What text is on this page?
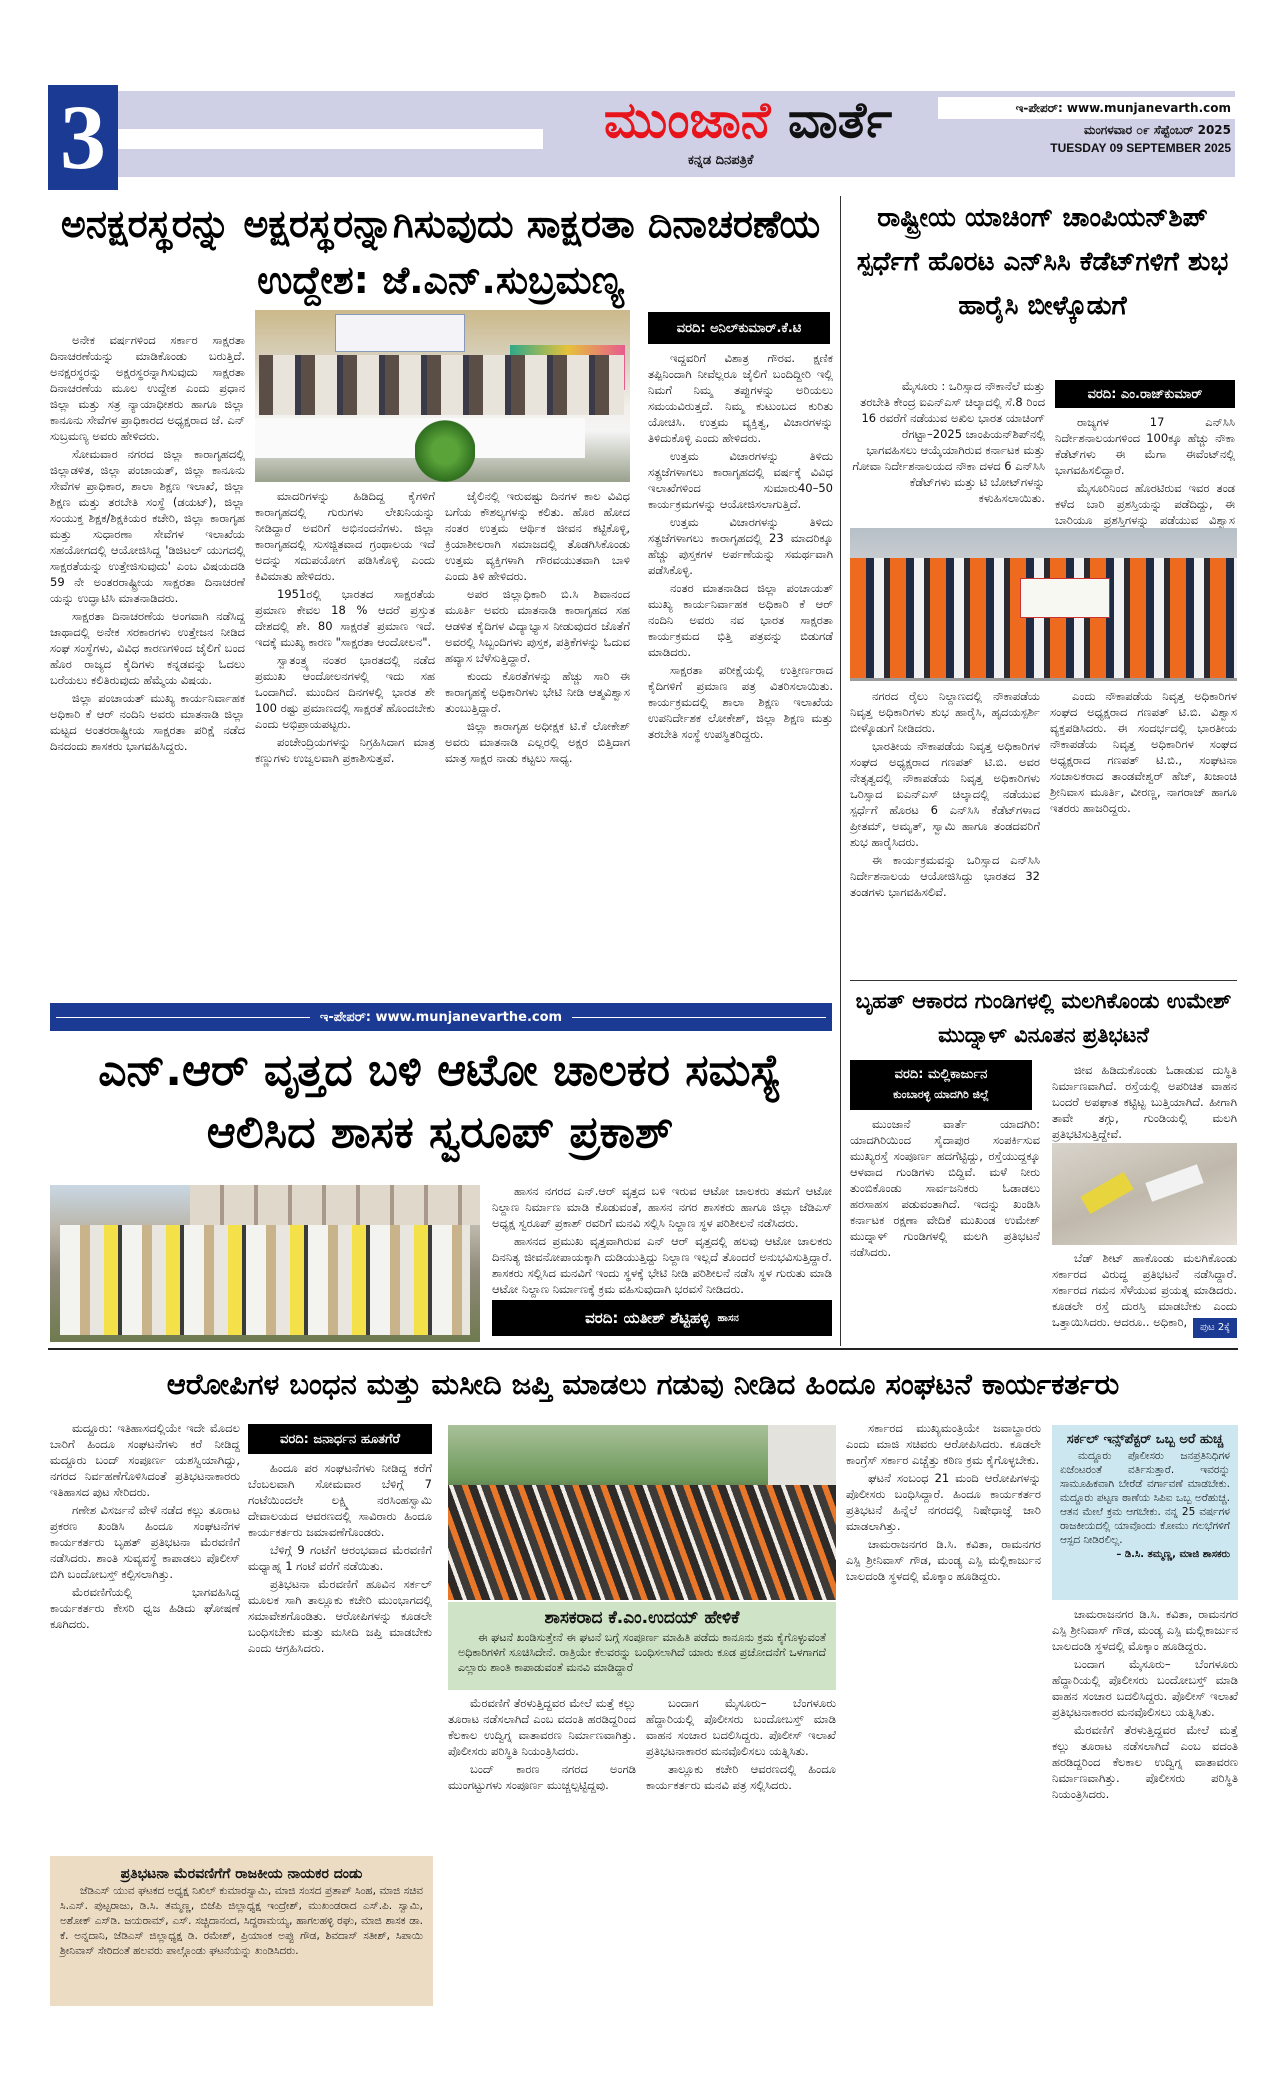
3	ಮುಂಜಾನೆ ವಾರ್ತೆ
ಕನ್ನಡ ದಿನಪತ್ರಿಕೆ
ಇ-ಪೇಪರ್: www.munjanevarth.com
ಮಂಗಳವಾರ ೦೯ ಸೆಪ್ಟೆಂಬರ್ 2025
TUESDAY 09 SEPTEMBER 2025
ಅನಕ್ಷರಸ್ಥರನ್ನು ಅಕ್ಷರಸ್ಥರನ್ನಾಗಿಸುವುದು ಸಾಕ್ಷರತಾ ದಿನಾಚರಣೆಯ ಉದ್ದೇಶ: ಜೆ.ಎನ್.ಸುಬ್ರಮಣ್ಯ

ಅನೇಕ ವರ್ಷಗಳಿಂದ ಸರ್ಕಾರ ಸಾಕ್ಷರತಾ ದಿನಾಚರಣೆಯನ್ನು ಮಾಡಿಕೊಂಡು ಬರುತ್ತಿದೆ. ಅನಕ್ಷರಸ್ಥರನ್ನು ಅಕ್ಷರಸ್ಥರನ್ನಾಗಿಸುವುದು ಸಾಕ್ಷರತಾ ದಿನಾಚರಣೆಯ ಮೂಲ ಉದ್ದೇಶ ಎಂದು ಪ್ರಧಾನ ಜಿಲ್ಲಾ ಮತ್ತು ಸತ್ರ ನ್ಯಾಯಾಧೀಶರು ಹಾಗೂ ಜಿಲ್ಲಾ ಕಾನೂನು ಸೇವೆಗಳ ಪ್ರಾಧಿಕಾರದ ಅಧ್ಯಕ್ಷರಾದ ಜೆ. ಎನ್ ಸುಬ್ರಮಣ್ಯ ಅವರು ಹೇಳಿದರು.

ಸೋಮವಾರ ನಗರದ ಜಿಲ್ಲಾ ಕಾರಾಗೃಹದಲ್ಲಿ ಜಿಲ್ಲಾಡಳಿತ, ಜಿಲ್ಲಾ ಪಂಚಾಯತ್, ಜಿಲ್ಲಾ ಕಾನೂನು ಸೇವೆಗಳ ಪ್ರಾಧಿಕಾರ, ಶಾಲಾ ಶಿಕ್ಷಣ ಇಲಾಖೆ, ಜಿಲ್ಲಾ ಶಿಕ್ಷಣ ಮತ್ತು ತರಬೇತಿ ಸಂಸ್ಥೆ (ಡಯಟ್), ಜಿಲ್ಲಾ ಸಂಯುಕ್ತ ಶಿಕ್ಷಕ/ಶಿಕ್ಷಕಿಯರ ಕಚೇರಿ, ಜಿಲ್ಲಾ ಕಾರಾಗೃಹ ಮತ್ತು ಸುಧಾರಣಾ ಸೇವೆಗಳ ಇಲಾಖೆಯ ಸಹಯೋಗದಲ್ಲಿ ಆಯೋಜಿಸಿದ್ದ 'ಡಿಜಿಟಲ್ ಯುಗದಲ್ಲಿ ಸಾಕ್ಷರತೆಯನ್ನು ಉತ್ತೇಜಿಸುವುದು' ಎಂಬ ವಿಷಯದಡಿ 59 ನೇ ಅಂತರರಾಷ್ಟ್ರೀಯ ಸಾಕ್ಷರತಾ ದಿನಾಚರಣೆ ಯನ್ನು ಉದ್ಘಾಟಿಸಿ ಮಾತನಾಡಿದರು.

ಸಾಕ್ಷರತಾ ದಿನಾಚರಣೆಯ ಅಂಗವಾಗಿ ನಡೆಸಿದ್ದ ಜಾಥಾದಲ್ಲಿ ಅನೇಕ ಸರಕಾರಗಳು ಉತ್ತೇಜನ ನೀಡಿದ ಸಂಘ ಸಂಸ್ಥೆಗಳು, ವಿವಿಧ ಕಾರಣಗಳಿಂದ ಜೈಲಿಗೆ ಬಂದ ಹೊರ ರಾಜ್ಯದ ಕೈದಿಗಳು ಕನ್ನಡವನ್ನು ಓದಲು ಬರೆಯಲು ಕಲಿತಿರುವುದು ಹೆಮ್ಮೆಯ ವಿಷಯ.

ಜಿಲ್ಲಾ ಪಂಚಾಯತ್ ಮುಖ್ಯ ಕಾರ್ಯನಿರ್ವಾಹಕ ಅಧಿಕಾರಿ ಕೆ ಆರ್ ನಂದಿನಿ ಅವರು ಮಾತನಾಡಿ ಜಿಲ್ಲಾ ಮಟ್ಟದ ಅಂತರರಾಷ್ಟ್ರೀಯ ಸಾಕ್ಷರತಾ ಪರಿಕ್ಷೆ ನಡೆದ ದಿನದಂದು ಶಾಸಕರು ಭಾಗವಹಿಸಿದ್ದರು.

ವರದಿ: ಅನಿಲ್‌ಕುಮಾರ್.ಕೆ.ಟಿ

ಮಾದರಿಗಳನ್ನು ಹಿಡಿದಿದ್ದ ಕೈಗಳಿಗೆ ಕಾರಾಗೃಹದಲ್ಲಿ ಗುರುಗಳು ಲೇಖನಿಯನ್ನು ನೀಡಿದ್ದಾರೆ ಅವರಿಗೆ ಅಭಿನಂದನೆಗಳು. ಜಿಲ್ಲಾ ಕಾರಾಗೃಹದಲ್ಲಿ ಸುಸಜ್ಜಿತವಾದ ಗ್ರಂಥಾಲಯ ಇದೆ ಅದನ್ನು ಸದುಪಯೋಗ ಪಡಿಸಿಕೊಳ್ಳಿ ಎಂದು ಕಿವಿಮಾತು ಹೇಳಿದರು.

1951ರಲ್ಲಿ ಭಾರತದ ಸಾಕ್ಷರತೆಯ ಪ್ರಮಾಣ ಕೇವಲ 18 % ಆದರೆ ಪ್ರಸ್ತುತ ದೇಶದಲ್ಲಿ ಶೇ. 80 ಸಾಕ್ಷರತೆ ಪ್ರಮಾಣ ಇದೆ. ಇದಕ್ಕೆ ಮುಖ್ಯ ಕಾರಣ "ಸಾಕ್ಷರತಾ ಆಂದೋಲನ".

ಸ್ವಾತಂತ್ರ್ಯ ನಂತರ ಭಾರತದಲ್ಲಿ ನಡೆದ ಪ್ರಮುಖ ಆಂದೋಲನಗಳಲ್ಲಿ ಇದು ಸಹ ಒಂದಾಗಿದೆ. ಮುಂದಿನ ದಿನಗಳಲ್ಲಿ ಭಾರತ ಶೇ 100 ರಷ್ಟು ಪ್ರಮಾಣದಲ್ಲಿ ಸಾಕ್ಷರತೆ ಹೊಂದಬೇಕು ಎಂದು ಅಭಿಪ್ರಾಯಪಟ್ಟರು.

ಪಂಚೇಂದ್ರಿಯಗಳನ್ನು ನಿಗ್ರಹಿಸಿದಾಗ ಮಾತ್ರ ಕಣ್ಣುಗಳು ಉಜ್ವಲವಾಗಿ ಪ್ರಕಾಶಿಸುತ್ತವೆ.

ಜೈಲಿನಲ್ಲಿ ಇರುವಷ್ಟು ದಿನಗಳ ಕಾಲ ವಿವಿಧ ಬಗೆಯ ಕೌಶಲ್ಯಗಳನ್ನು ಕಲಿತು. ಹೊರ ಹೋದ ನಂತರ ಉತ್ತಮ ಆರ್ಥಿಕ ಜೀವನ ಕಟ್ಟಿಕೊಳ್ಳಿ, ಕ್ರಿಯಾಶೀಲರಾಗಿ ಸಮಾಜದಲ್ಲಿ ತೊಡಗಿಸಿಕೊಂಡು ಉತ್ತಮ ವ್ಯಕ್ತಿಗಳಾಗಿ ಗೌರವಯುತವಾಗಿ ಬಾಳಿ ಎಂದು ತಿಳಿ ಹೇಳಿದರು.

ಅಪರ ಜಿಲ್ಲಾಧಿಕಾರಿ ಬಿ.ಸಿ ಶಿವಾನಂದ ಮೂರ್ತಿ ಅವರು ಮಾತನಾಡಿ ಕಾರಾಗೃಹದ ಸಹ ಆಡಳಿತ ಕೈದಿಗಳ ವಿದ್ಯಾಭ್ಯಾಸ ನೀಡುವುದರ ಜೊತೆಗೆ ಅವರಲ್ಲಿ ಸಿಬ್ಬಂದಿಗಳು ಪುಸ್ತಕ, ಪತ್ರಿಕೆಗಳನ್ನು ಓದುವ ಹವ್ಯಾಸ ಬೆಳೆಸುತ್ತಿದ್ದಾರೆ.

ಕುಂದು ಕೊರತೆಗಳನ್ನು ಹೆಚ್ಚು ಸಾರಿ ಈ ಕಾರಾಗೃಹಕ್ಕೆ ಅಧಿಕಾರಿಗಳು ಭೇಟಿ ನೀಡಿ ಆತ್ಮವಿಶ್ವಾಸ ತುಂಬುತ್ತಿದ್ದಾರೆ.

ಜಿಲ್ಲಾ ಕಾರಾಗೃಹ ಅಧೀಕ್ಷಕ ಟಿ.ಕೆ ಲೋಕೇಶ್ ಅವರು ಮಾತನಾಡಿ ಎಲ್ಲರಲ್ಲಿ ಅಕ್ಷರ ಬಿತ್ತಿದಾಗ ಮಾತ್ರ ಸಾಕ್ಷರ ನಾಡು ಕಟ್ಟಲು ಸಾಧ್ಯ.

ಇದ್ದವರಿಗೆ ವಿಶಾತ್ರ ಗೌರವ. ಕ್ಷಣಿಕ ತಪ್ಪಿನಿಂದಾಗಿ ನೀವೆಲ್ಲರೂ ಜೈಲಿಗೆ ಬಂದಿದ್ದೀರಿ ಇಲ್ಲಿ ನಿಮಗೆ ನಿಮ್ಮ ತಪ್ಪುಗಳನ್ನು ಅರಿಯಲು ಸಮಯವಿರುತ್ತದೆ. ನಿಮ್ಮ ಕುಟುಂಬದ ಕುರಿತು ಯೋಚಿಸಿ. ಉತ್ತಮ ವ್ಯಕ್ತಿತ್ವ, ವಿಚಾರಗಳನ್ನು ತಿಳಿದುಕೊಳ್ಳಿ ಎಂದು ಹೇಳಿದರು.

ಉತ್ತಮ ವಿಚಾರಗಳನ್ನು ತಿಳಿದು ಸತ್ಪ್ರಜೆಗಳಾಗಲು ಕಾರಾಗೃಹದಲ್ಲಿ ವರ್ಷಕ್ಕೆ ವಿವಿಧ ಇಲಾಖೆಗಳಿಂದ ಸುಮಾರು40–50 ಕಾರ್ಯಕ್ರಮಗಳನ್ನು ಆಯೋಜಿಸಲಾಗುತ್ತಿದೆ.

ಉತ್ತಮ ವಿಚಾರಗಳನ್ನು ತಿಳಿದು ಸತ್ಪ್ರಜೆಗಳಾಗಲು ಕಾರಾಗೃಹದಲ್ಲಿ 23 ಮಾದರಿಕ್ಕೂ ಹೆಚ್ಚು ಪುಸ್ತಕಗಳ ಅರ್ಪಣೆಯನ್ನು ಸಮರ್ಥವಾಗಿ ಪಡೆಸಿಕೊಳ್ಳಿ.

ನಂತರ ಮಾತನಾಡಿದ ಜಿಲ್ಲಾ ಪಂಚಾಯತ್ ಮುಖ್ಯ ಕಾರ್ಯನಿರ್ವಾಹಕ ಅಧಿಕಾರಿ ಕೆ ಆರ್ ನಂದಿನಿ ಅವರು ನವ ಭಾರತ ಸಾಕ್ಷರತಾ ಕಾರ್ಯಕ್ರಮದ ಭಿತ್ತಿ ಪತ್ರವನ್ನು ಬಿಡುಗಡೆ ಮಾಡಿದರು.

ಸಾಕ್ಷರತಾ ಪರೀಕ್ಷೆಯಲ್ಲಿ ಉತ್ತೀರ್ಣರಾದ ಕೈದಿಗಳಿಗೆ ಪ್ರಮಾಣ ಪತ್ರ ವಿತರಿಸಲಾಯಿತು. ಕಾರ್ಯಕ್ರಮದಲ್ಲಿ ಶಾಲಾ ಶಿಕ್ಷಣ ಇಲಾಖೆಯ ಉಪನಿರ್ದೇಶಕ ಲೋಕೇಶ್, ಜಿಲ್ಲಾ ಶಿಕ್ಷಣ ಮತ್ತು ತರಬೇತಿ ಸಂಸ್ಥೆ ಉಪಸ್ಥಿತರಿದ್ದರು.

ಇ-ಪೇಪರ್: www.munjanevarthe.com
ಎನ್.ಆರ್ ವೃತ್ತದ ಬಳಿ ಆಟೋ ಚಾಲಕರ ಸಮಸ್ಯೆ ಆಲಿಸಿದ ಶಾಸಕ ಸ್ವರೂಪ್ ಪ್ರಕಾಶ್

ಹಾಸನ ನಗರದ ಎನ್.ಆರ್ ವೃತ್ತದ ಬಳಿ ಇರುವ ಆಟೋ ಚಾಲಕರು ತಮಗೆ ಆಟೋ ನಿಲ್ದಾಣ ನಿರ್ಮಾಣ ಮಾಡಿ ಕೊಡುವಂತೆ, ಹಾಸನ ನಗರ ಶಾಸಕರು ಹಾಗೂ ಜಿಲ್ಲಾ ಜೆಡಿಎಸ್ ಅಧ್ಯಕ್ಷ ಸ್ವರೂಪ್ ಪ್ರಕಾಶ್ ರವರಿಗೆ ಮನವಿ ಸಲ್ಲಿಸಿ ನಿಲ್ದಾಣ ಸ್ಥಳ ಪರಿಶೀಲನೆ ನಡೆಸಿದರು.

ಹಾಸನದ ಪ್ರಮುಖ ವೃತ್ತವಾಗಿರುವ ಎನ್ ಆರ್ ವೃತ್ತದಲ್ಲಿ ಹಲವು ಆಟೋ ಚಾಲಕರು ದಿನನಿತ್ಯ ಜೀವನೋಪಾಯಕ್ಕಾಗಿ ದುಡಿಯುತ್ತಿದ್ದು ನಿಲ್ದಾಣ ಇಲ್ಲದೆ ತೊಂದರೆ ಅನುಭವಿಸುತ್ತಿದ್ದಾರೆ. ಶಾಸಕರು ಸಲ್ಲಿಸಿದ ಮನವಿಗೆ ಇಂದು ಸ್ಥಳಕ್ಕೆ ಭೇಟಿ ನೀಡಿ ಪರಿಶೀಲನೆ ನಡೆಸಿ ಸ್ಥಳ ಗುರುತು ಮಾಡಿ ಆಟೋ ನಿಲ್ದಾಣ ನಿರ್ಮಾಣಕ್ಕೆ ಕ್ರಮ ವಹಿಸುವುದಾಗಿ ಭರವಸೆ ನೀಡಿದರು.

ವರದಿ: ಯತೀಶ್ ಶೆಟ್ಟಿಹಳ್ಳಿ ಹಾಸನ
ರಾಷ್ಟ್ರೀಯ ಯಾಚಿಂಗ್ ಚಾಂಪಿಯನ್‌ಶಿಪ್ ಸ್ಪರ್ಧೆಗೆ ಹೊರಟ ಎನ್‌ಸಿಸಿ ಕೆಡೆಟ್‌ಗಳಿಗೆ ಶುಭ ಹಾರೈಸಿ ಬೀಳ್ಕೊಡುಗೆ

ಮೈಸೂರು : ಒರಿಸ್ಸಾದ ನೌಕಾನೆಲೆ ಮತ್ತು ತರಬೇತಿ ಕೇಂದ್ರ ಐಎನ್‌ಎಸ್ ಚಿಲ್ಕಾದಲ್ಲಿ ಸೆ.8 ರಿಂದ 16 ರವರೆಗೆ ನಡೆಯುವ ಅಖಿಲ ಭಾರತ ಯಾಚಿಂಗ್ ರೆಗಟ್ಟಾ–2025 ಚಾಂಪಿಯನ್‌ಶಿಪ್‌ನಲ್ಲಿ ಭಾಗವಹಿಸಲು ಆಯ್ಕೆಯಾಗಿರುವ ಕರ್ನಾಟಕ ಮತ್ತು ಗೋವಾ ನಿರ್ದೇಶನಾಲಯದ ನೌಕಾ ದಳದ 6 ಎನ್‌ಸಿಸಿ ಕೆಡೆಟ್‌ಗಳು ಮತ್ತು ಟಿ ಬೋಟ್‌ಗಳನ್ನು ಕಳುಹಿಸಲಾಯಿತು.

ವರದಿ: ಎಂ.ರಾಜ್‌ಕುಮಾರ್

ರಾಜ್ಯಗಳ 17 ಎನ್‌ಸಿಸಿ ನಿರ್ದೇಶನಾಲಯಗಳಿಂದ 100ಕ್ಕೂ ಹೆಚ್ಚು ನೌಕಾ ಕೆಡೆಟ್‌ಗಳು ಈ ಮೆಗಾ ಈವೆಂಟ್‌ನಲ್ಲಿ ಭಾಗವಹಿಸಲಿದ್ದಾರೆ.

ಮೈಸೂರಿನಿಂದ ಹೊರಟಿರುವ ಇವರ ತಂಡ ಕಳೆದ ಬಾರಿ ಪ್ರಶಸ್ತಿಯನ್ನು ಪಡೆದಿದ್ದು, ಈ ಬಾರಿಯೂ ಪ್ರಶಸ್ತಿಗಳನ್ನು ಪಡೆಯುವ ವಿಶ್ವಾಸ

ನಗರದ ರೈಲು ನಿಲ್ದಾಣದಲ್ಲಿ ನೌಕಾಪಡೆಯ ನಿವೃತ್ತ ಅಧಿಕಾರಿಗಳು ಶುಭ ಹಾರೈಸಿ, ಹೃದಯಸ್ಪರ್ಶಿ ಬೀಳ್ಕೊಡುಗೆ ನೀಡಿದರು.

ಭಾರತೀಯ ನೌಕಾಪಡೆಯ ನಿವೃತ್ತ ಅಧಿಕಾರಿಗಳ ಸಂಘದ ಅಧ್ಯಕ್ಷರಾದ ಗಣಪತ್ ಟಿ.ಬಿ. ಅವರ ನೇತೃತ್ವದಲ್ಲಿ ನೌಕಾಪಡೆಯ ನಿವೃತ್ತ ಅಧಿಕಾರಿಗಳು ಒರಿಸ್ಸಾದ ಐಎನ್‌ಎಸ್ ಚಿಲ್ಕಾದಲ್ಲಿ ನಡೆಯುವ ಸ್ಪರ್ಧೆಗೆ ಹೊರಟ 6 ಎನ್‌ಸಿಸಿ ಕೆಡೆಟ್‌ಗಳಾದ ಪ್ರೀತಮ್, ಅಮೃತ್, ಸ್ವಾಮಿ ಹಾಗೂ ತಂಡದವರಿಗೆ ಶುಭ ಹಾರೈಸಿದರು.

ಈ ಕಾರ್ಯಕ್ರಮವನ್ನು ಒರಿಸ್ಸಾದ ಎನ್‌ಸಿಸಿ ನಿರ್ದೇಶನಾಲಯ ಆಯೋಜಿಸಿದ್ದು ಭಾರತದ 32 ತಂಡಗಳು ಭಾಗವಹಿಸಲಿವೆ.

ಎಂದು ನೌಕಾಪಡೆಯ ನಿವೃತ್ತ ಅಧಿಕಾರಿಗಳ ಸಂಘದ ಅಧ್ಯಕ್ಷರಾದ ಗಣಪತ್ ಟಿ.ಬಿ. ವಿಶ್ವಾಸ ವ್ಯಕ್ತಪಡಿಸಿದರು. ಈ ಸಂದರ್ಭದಲ್ಲಿ ಭಾರತೀಯ ನೌಕಾಪಡೆಯ ನಿವೃತ್ತ ಅಧಿಕಾರಿಗಳ ಸಂಘದ ಅಧ್ಯಕ್ಷರಾದ ಗಣಪತ್ ಟಿ.ಬಿ., ಸಂಘಟನಾ ಸಂಚಾಲಕರಾದ ತಾಂಡವೇಶ್ವರ್ ಹೆಚ್, ಖಜಾಂಚಿ ಶ್ರೀನಿವಾಸ ಮೂರ್ತಿ, ವೀರಣ್ಣ, ನಾಗರಾಜ್ ಹಾಗೂ ಇತರರು ಹಾಜರಿದ್ದರು.

ಬೃಹತ್ ಆಕಾರದ ಗುಂಡಿಗಳಲ್ಲಿ ಮಲಗಿಕೊಂಡು ಉಮೇಶ್ ಮುದ್ನಾಳ್ ವಿನೂತನ ಪ್ರತಿಭಟನೆ
ವರದಿ: ಮಲ್ಲಿಕಾರ್ಜುನ
ಕುಂಬಾರಳ್ಳಿ ಯಾದಗಿರಿ ಜಿಲ್ಲೆ

ಮುಂಜಾನೆ ವಾರ್ತೆ ಯಾದಗಿರಿ: ಯಾದಗಿರಿಯಿಂದ ಸೈದಾಪುರ ಸಂಪರ್ಕಿಸುವ ಮುಖ್ಯರಸ್ತೆ ಸಂಪೂರ್ಣ ಹದಗೆಟ್ಟಿದ್ದು, ರಸ್ತೆಯುದ್ದಕ್ಕೂ ಆಳವಾದ ಗುಂಡಿಗಳು ಬಿದ್ದಿವೆ. ಮಳೆ ನೀರು ತುಂಬಿಕೊಂಡು ಸಾರ್ವಜನಿಕರು ಓಡಾಡಲು ಹರಸಾಹಸ ಪಡುವಂತಾಗಿದೆ. ಇದನ್ನು ಖಂಡಿಸಿ ಕರ್ನಾಟಕ ರಕ್ಷಣಾ ವೇದಿಕೆ ಮುಖಂಡ ಉಮೇಶ್ ಮುದ್ನಾಳ್ ಗುಂಡಿಗಳಲ್ಲಿ ಮಲಗಿ ಪ್ರತಿಭಟನೆ ನಡೆಸಿದರು.

ಜೀವ ಹಿಡಿದುಕೊಂಡು ಓಡಾಡುವ ದುಸ್ಥಿತಿ ನಿರ್ಮಾಣವಾಗಿದೆ. ರಸ್ತೆಯಲ್ಲಿ ಅಪರಿಚಿತ ವಾಹನ ಬಂದರೆ ಅಪಘಾತ ಕಟ್ಟಿಟ್ಟ ಬುತ್ತಿಯಾಗಿದೆ. ಹೀಗಾಗಿ ತಾವೇ ತಗ್ಗು, ಗುಂಡಿಯಲ್ಲಿ ಮಲಗಿ ಪ್ರತಿಭಟಿಸುತ್ತಿದ್ದೇವೆ.

ಬೆಡ್ ಶೀಟ್ ಹಾಕೊಂಡು ಮಲಗಿಕೊಂಡು ಸರ್ಕಾರದ ವಿರುದ್ಧ ಪ್ರತಿಭಟನೆ ನಡೆಸಿದ್ದಾರೆ. ಸರ್ಕಾರದ ಗಮನ ಸೆಳೆಯುವ ಪ್ರಯತ್ನ ಮಾಡಿದರು. ಕೂಡಲೇ ರಸ್ತೆ ದುರಸ್ತಿ ಮಾಡಬೇಕು ಎಂದು ಒತ್ತಾಯಿಸಿದರು. ಆದರೂ.. ಅಧಿಕಾರಿ,	ಪುಟ 2ಕ್ಕೆ
ಆರೋಪಿಗಳ ಬಂಧನ ಮತ್ತು ಮಸೀದಿ ಜಪ್ತಿ ಮಾಡಲು ಗಡುವು ನೀಡಿದ ಹಿಂದೂ ಸಂಘಟನೆ ಕಾರ್ಯಕರ್ತರು

ಮದ್ದೂರು: ಇತಿಹಾಸದಲ್ಲಿಯೇ ಇದೇ ಮೊದಲ ಬಾರಿಗೆ ಹಿಂದೂ ಸಂಘಟನೆಗಳು ಕರೆ ನೀಡಿದ್ದ ಮದ್ದೂರು ಬಂದ್ ಸಂಪೂರ್ಣ ಯಶಸ್ವಿಯಾಗಿದ್ದು, ನಗರದ ನಿರ್ವಹಣೆಗೊಳಿಸಿದಂತೆ ಪ್ರತಿಭಟನಾಕಾರರು ಇತಿಹಾಸದ ಪುಟ ಸೇರಿದರು.

ಗಣೇಶ ವಿಸರ್ಜನೆ ವೇಳೆ ನಡೆದ ಕಲ್ಲು ತೂರಾಟ ಪ್ರಕರಣ ಖಂಡಿಸಿ ಹಿಂದೂ ಸಂಘಟನೆಗಳ ಕಾರ್ಯಕರ್ತರು ಬೃಹತ್ ಪ್ರತಿಭಟನಾ ಮೆರವಣಿಗೆ ನಡೆಸಿದರು. ಶಾಂತಿ ಸುವ್ಯವಸ್ಥೆ ಕಾಪಾಡಲು ಪೊಲೀಸ್ ಬಿಗಿ ಬಂದೋಬಸ್ತ್ ಕಲ್ಪಿಸಲಾಗಿತ್ತು.

ಮೆರವಣಿಗೆಯಲ್ಲಿ ಭಾಗವಹಿಸಿದ್ದ ಕಾರ್ಯಕರ್ತರು ಕೇಸರಿ ಧ್ವಜ ಹಿಡಿದು ಘೋಷಣೆ ಕೂಗಿದರು.

ವರದಿ: ಜನಾರ್ಧನ ಹೂತಗೆರೆ

ಹಿಂದೂ ಪರ ಸಂಘಟನೆಗಳು ನೀಡಿದ್ದ ಕರೆಗೆ ಬೆಂಬಲವಾಗಿ ಸೋಮವಾರ ಬೆಳಿಗ್ಗೆ 7 ಗಂಟೆಯಿಂದಲೇ ಲಕ್ಷ್ಮಿ ನರಸಿಂಹಸ್ವಾಮಿ ದೇವಾಲಯದ ಆವರಣದಲ್ಲಿ ಸಾವಿರಾರು ಹಿಂದೂ ಕಾರ್ಯಕರ್ತರು ಜಮಾವಣೆಗೊಂಡರು.

ಬೆಳಿಗ್ಗೆ 9 ಗಂಟೆಗೆ ಆರಂಭವಾದ ಮೆರವಣಿಗೆ ಮಧ್ಯಾಹ್ನ 1 ಗಂಟೆ ವರೆಗೆ ನಡೆಯಿತು.

ಪ್ರತಿಭಟನಾ ಮೆರವಣಿಗೆ ಹೂವಿನ ಸರ್ಕಲ್ ಮೂಲಕ ಸಾಗಿ ತಾಲ್ಲೂಕು ಕಚೇರಿ ಮುಂಭಾಗದಲ್ಲಿ ಸಮಾವೇಶಗೊಂಡಿತು. ಆರೋಪಿಗಳನ್ನು ಕೂಡಲೇ ಬಂಧಿಸಬೇಕು ಮತ್ತು ಮಸೀದಿ ಜಪ್ತಿ ಮಾಡಬೇಕು ಎಂದು ಆಗ್ರಹಿಸಿದರು.

ಶಾಸಕರಾದ ಕೆ.ಎಂ.ಉದಯ್ ಹೇಳಿಕೆ
ಈ ಘಟನೆ ಖಂಡಿಸುತ್ತೇನೆ ಈ ಘಟನೆ ಬಗ್ಗೆ ಸಂಪೂರ್ಣ ಮಾಹಿತಿ ಪಡೆದು ಕಾನೂನು ಕ್ರಮ ಕೈಗೊಳ್ಳುವಂತೆ ಅಧಿಕಾರಿಗಳಿಗೆ ಸೂಚಿಸಿದೇನೆ. ರಾತ್ರಿಯೇ ಕೆಲವರನ್ನು ಬಂಧಿಸಲಾಗಿದೆ ಯಾರು ಕೂಡ ಪ್ರಚೋದನೆಗೆ ಒಳಗಾಗದೆ ಎಲ್ಲಾರು ಶಾಂತಿ ಕಾಪಾಡುವಂತೆ ಮನವಿ ಮಾಡಿದ್ದಾರೆ

ಮೆರವಣಿಗೆ ತೆರಳುತ್ತಿದ್ದವರ ಮೇಲೆ ಮತ್ತೆ ಕಲ್ಲು ತೂರಾಟ ನಡೆಸಲಾಗಿದೆ ಎಂಬ ವದಂತಿ ಹರಡಿದ್ದರಿಂದ ಕೆಲಕಾಲ ಉದ್ವಿಗ್ನ ವಾತಾವರಣ ನಿರ್ಮಾಣವಾಗಿತ್ತು. ಪೊಲೀಸರು ಪರಿಸ್ಥಿತಿ ನಿಯಂತ್ರಿಸಿದರು.

ಬಂದ್ ಕಾರಣ ನಗರದ ಅಂಗಡಿ ಮುಂಗಟ್ಟುಗಳು ಸಂಪೂರ್ಣ ಮುಚ್ಚಲ್ಪಟ್ಟಿದ್ದವು.

ಬಂದಾಗ ಮೈಸೂರು– ಬೆಂಗಳೂರು ಹೆದ್ದಾರಿಯಲ್ಲಿ ಪೊಲೀಸರು ಬಂದೋಬಸ್ತ್ ಮಾಡಿ ವಾಹನ ಸಂಚಾರ ಬದಲಿಸಿದ್ದರು. ಪೊಲೀಸ್ ಇಲಾಖೆ ಪ್ರತಿಭಟನಾಕಾರರ ಮನವೊಲಿಸಲು ಯತ್ನಿಸಿತು.

ತಾಲ್ಲೂಕು ಕಚೇರಿ ಆವರಣದಲ್ಲಿ ಹಿಂದೂ ಕಾರ್ಯಕರ್ತರು ಮನವಿ ಪತ್ರ ಸಲ್ಲಿಸಿದರು.

ಸರ್ಕಾರದ ಮುಖ್ಯಮಂತ್ರಿಯೇ ಜವಾಬ್ದಾರರು ಎಂದು ಮಾಜಿ ಸಚಿವರು ಆರೋಪಿಸಿದರು. ಕೂಡಲೇ ಕಾಂಗ್ರೆಸ್ ಸರ್ಕಾರ ಎಚ್ಚೆತ್ತು ಕಠಿಣ ಕ್ರಮ ಕೈಗೊಳ್ಳಬೇಕು.

ಘಟನೆ ಸಂಬಂಧ 21 ಮಂದಿ ಆರೋಪಿಗಳನ್ನು ಪೊಲೀಸರು ಬಂಧಿಸಿದ್ದಾರೆ. ಹಿಂದೂ ಕಾರ್ಯಕರ್ತರ ಪ್ರತಿಭಟನೆ ಹಿನ್ನೆಲೆ ನಗರದಲ್ಲಿ ನಿಷೇಧಾಜ್ಞೆ ಜಾರಿ ಮಾಡಲಾಗಿತ್ತು.

ಚಾಮರಾಜನಗರ ಡಿ.ಸಿ. ಕವಿತಾ, ರಾಮನಗರ ಎಸ್ಪಿ ಶ್ರೀನಿವಾಸ್ ಗೌಡ, ಮಂಡ್ಯ ಎಸ್ಪಿ ಮಲ್ಲಿಕಾರ್ಜುನ ಬಾಲದಂಡಿ ಸ್ಥಳದಲ್ಲಿ ಮೊಕ್ಕಾಂ ಹೂಡಿದ್ದರು.

ಸರ್ಕಲ್ ಇನ್ಸ್‌ಪೆಕ್ಟರ್ ಒಬ್ಬ ಅರೆ ಹುಚ್ಚ
ಮದ್ದೂರು ಪೊಲೀಸರು ಜನಪ್ರತಿನಿಧಿಗಳ ಏಜೆಂಟರಂತೆ ವರ್ತಿಸುತ್ತಾರೆ. ಇವರನ್ನು ಸಾಮೂಹಿಕವಾಗಿ ಬೇರೆಡೆ ವರ್ಗಾವಣೆ ಮಾಡಬೇಕು. ಮದ್ದೂರು ಪಟ್ಟಣ ಠಾಣೆಯ ಸಿಪಿಐ ಒಬ್ಬ ಅರೆಹುಚ್ಚ. ಆತನ ಮೇಲೆ ಕ್ರಮ ಆಗಬೇಕು. ನನ್ನ 25 ವರ್ಷಗಳ ರಾಜಕೀಯದಲ್ಲಿ ಯಾವೊಂದು ಕೋಮು ಗಲಭೆಗಳಿಗೆ ಆಸ್ಪದ ನೀಡಿರಲಿಲ್ಲ.
– ಡಿ.ಸಿ. ತಮ್ಮಣ್ಣ, ಮಾಜಿ ಶಾಸಕರು

ಚಾಮರಾಜನಗರ ಡಿ.ಸಿ. ಕವಿತಾ, ರಾಮನಗರ ಎಸ್ಪಿ ಶ್ರೀನಿವಾಸ್ ಗೌಡ, ಮಂಡ್ಯ ಎಸ್ಪಿ ಮಲ್ಲಿಕಾರ್ಜುನ ಬಾಲದಂಡಿ ಸ್ಥಳದಲ್ಲಿ ಮೊಕ್ಕಾಂ ಹೂಡಿದ್ದರು.

ಬಂದಾಗ ಮೈಸೂರು– ಬೆಂಗಳೂರು ಹೆದ್ದಾರಿಯಲ್ಲಿ ಪೊಲೀಸರು ಬಂದೋಬಸ್ತ್ ಮಾಡಿ ವಾಹನ ಸಂಚಾರ ಬದಲಿಸಿದ್ದರು. ಪೊಲೀಸ್ ಇಲಾಖೆ ಪ್ರತಿಭಟನಾಕಾರರ ಮನವೊಲಿಸಲು ಯತ್ನಿಸಿತು.

ಮೆರವಣಿಗೆ ತೆರಳುತ್ತಿದ್ದವರ ಮೇಲೆ ಮತ್ತೆ ಕಲ್ಲು ತೂರಾಟ ನಡೆಸಲಾಗಿದೆ ಎಂಬ ವದಂತಿ ಹರಡಿದ್ದರಿಂದ ಕೆಲಕಾಲ ಉದ್ವಿಗ್ನ ವಾತಾವರಣ ನಿರ್ಮಾಣವಾಗಿತ್ತು. ಪೊಲೀಸರು ಪರಿಸ್ಥಿತಿ ನಿಯಂತ್ರಿಸಿದರು.

ಪ್ರತಿಭಟನಾ ಮೆರವಣಿಗೆಗೆ ರಾಜಕೀಯ ನಾಯಕರ ದಂಡು
ಜೆಡಿಎಸ್ ಯುವ ಘಟಕದ ಅಧ್ಯಕ್ಷ ನಿಖಿಲ್ ಕುಮಾರಸ್ವಾಮಿ, ಮಾಜಿ ಸಂಸದ ಪ್ರತಾಪ್ ಸಿಂಹ, ಮಾಜಿ ಸಚಿವ ಸಿ.ಎಸ್. ಪುಟ್ಟರಾಜು, ಡಿ.ಸಿ. ತಮ್ಮಣ್ಣ, ಬಿಜೆಪಿ ಜಿಲ್ಲಾಧ್ಯಕ್ಷ ಇಂದ್ರೇಶ್, ಮುಖಂಡರಾದ ಎಸ್.ಪಿ. ಸ್ವಾಮಿ, ಅಶೋಕ್ ಎಸ್‌ಡಿ. ಜಯರಾಮ್, ಎಸ್. ಸಚ್ಚಿದಾನಂದ, ಸಿದ್ದರಾಮಯ್ಯ, ಹಾಗಲಹಳ್ಳಿ ರಘು, ಮಾಜಿ ಶಾಸಕ ಡಾ. ಕೆ. ಅನ್ನದಾನಿ, ಜೆಡಿಎಸ್ ಜಿಲ್ಲಾಧ್ಯಕ್ಷ ಡಿ. ರಮೇಶ್, ಪ್ರಿಯಾಂಕ ಅಪ್ಪು ಗೌಡ, ಶಿವದಾಸ್ ಸತೀಶ್, ಸಿಪಾಯಿ ಶ್ರೀನಿವಾಸ್ ಸೇರಿದಂತೆ ಹಲವರು ಪಾಲ್ಗೊಂಡು ಘಟನೆಯನ್ನು ಖಂಡಿಸಿದರು.
